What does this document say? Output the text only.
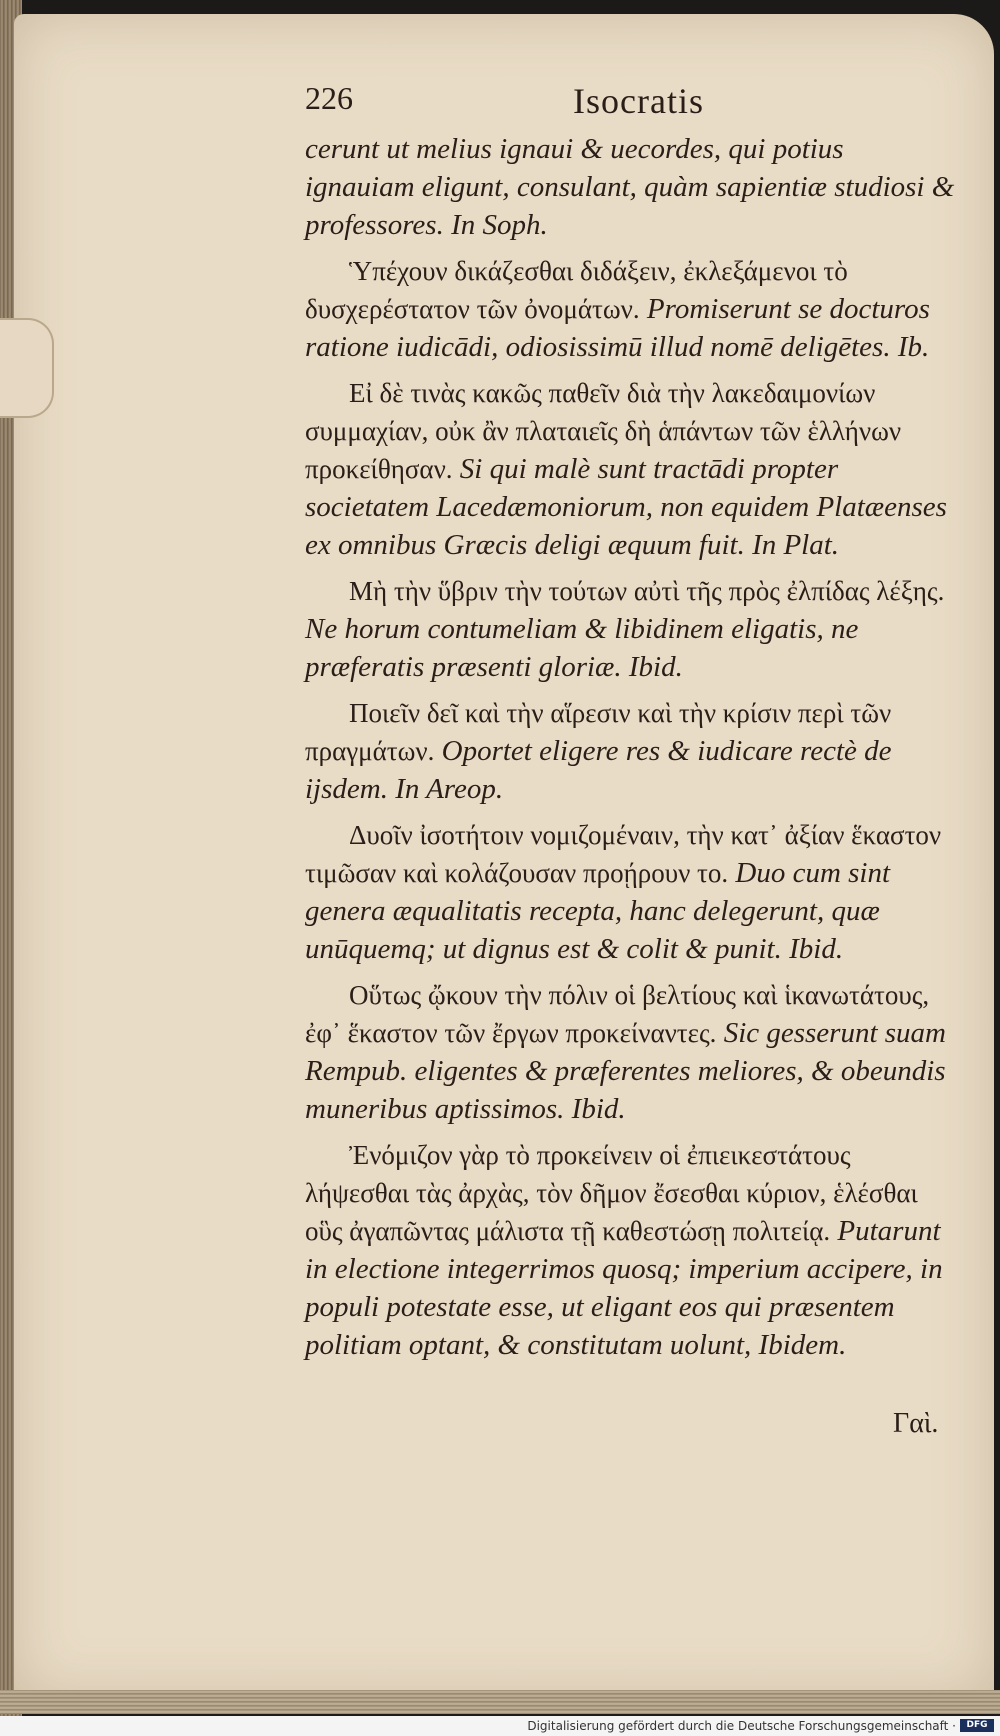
226	Isocratis

cerunt ut melius ignaui & uecordes, qui potius ignauiam eligunt, consulant, quàm sapientiæ studiosi & professores. In Soph.

Ὑπέχουν δικάζεσθαι διδάξειν, ἐκλεξάμενοι τὸ δυσχερέστατον τῶν ὀνομάτων. Promiserunt se docturos ratione iudicādi, odiosissimū illud nomē deligētes. Ib.

Εἰ δὲ τινὰς κακῶς παθεῖν διὰ τὴν λακεδαιμονίων συμμαχίαν, οὐκ ἂν πλαταιεῖς δὴ ἁπάντων τῶν ἑλλήνων προκείθησαν. Si qui malè sunt tractādi propter societatem Lacedæmoniorum, non equidem Platæenses ex omnibus Græcis deligi æquum fuit. In Plat.

Μὴ τὴν ὕβριν τὴν τούτων αὐτὶ τῆς πρὸς ἐλπίδας λέξης. Ne horum contumeliam & libidinem eligatis, ne præferatis præsenti gloriæ. Ibid.

Ποιεῖν δεῖ καὶ τὴν αἵρεσιν καὶ τὴν κρίσιν περὶ τῶν πραγμάτων. Oportet eligere res & iudicare rectè de ijsdem. In Areop.

Δυοῖν ἰσοτήτοιν νομιζομέναιν, τὴν κατ᾽ ἀξίαν ἕκαστον τιμῶσαν καὶ κολάζουσαν προῄρουν το. Duo cum sint genera æqualitatis recepta, hanc delegerunt, quæ unūquemq; ut dignus est & colit & punit. Ibid.

Οὕτως ᾤκουν τὴν πόλιν οἱ βελτίους καὶ ἱκανωτάτους, ἐφ᾽ ἕκαστον τῶν ἔργων προκείναντες. Sic gesserunt suam Rempub. eligentes & præferentes meliores, & obeundis muneribus aptissimos. Ibid.

Ἐνόμιζον γὰρ τὸ προκείνειν οἱ ἐπιεικεστάτους λήψεσθαι τὰς ἀρχὰς, τὸν δῆμον ἔσεσθαι κύριον, ἑλέσθαι οὓς ἀγαπῶντας μάλιστα τῇ καθεστώσῃ πολιτείᾳ. Putarunt in electione integerrimos quosq; imperium accipere, in populi potestate esse, ut eligant eos qui præsentem politiam optant, & constitutam uolunt, Ibidem.

Γαὶ.
Digitalisierung gefördert durch die Deutsche Forschungsgemeinschaft ·	DFG
